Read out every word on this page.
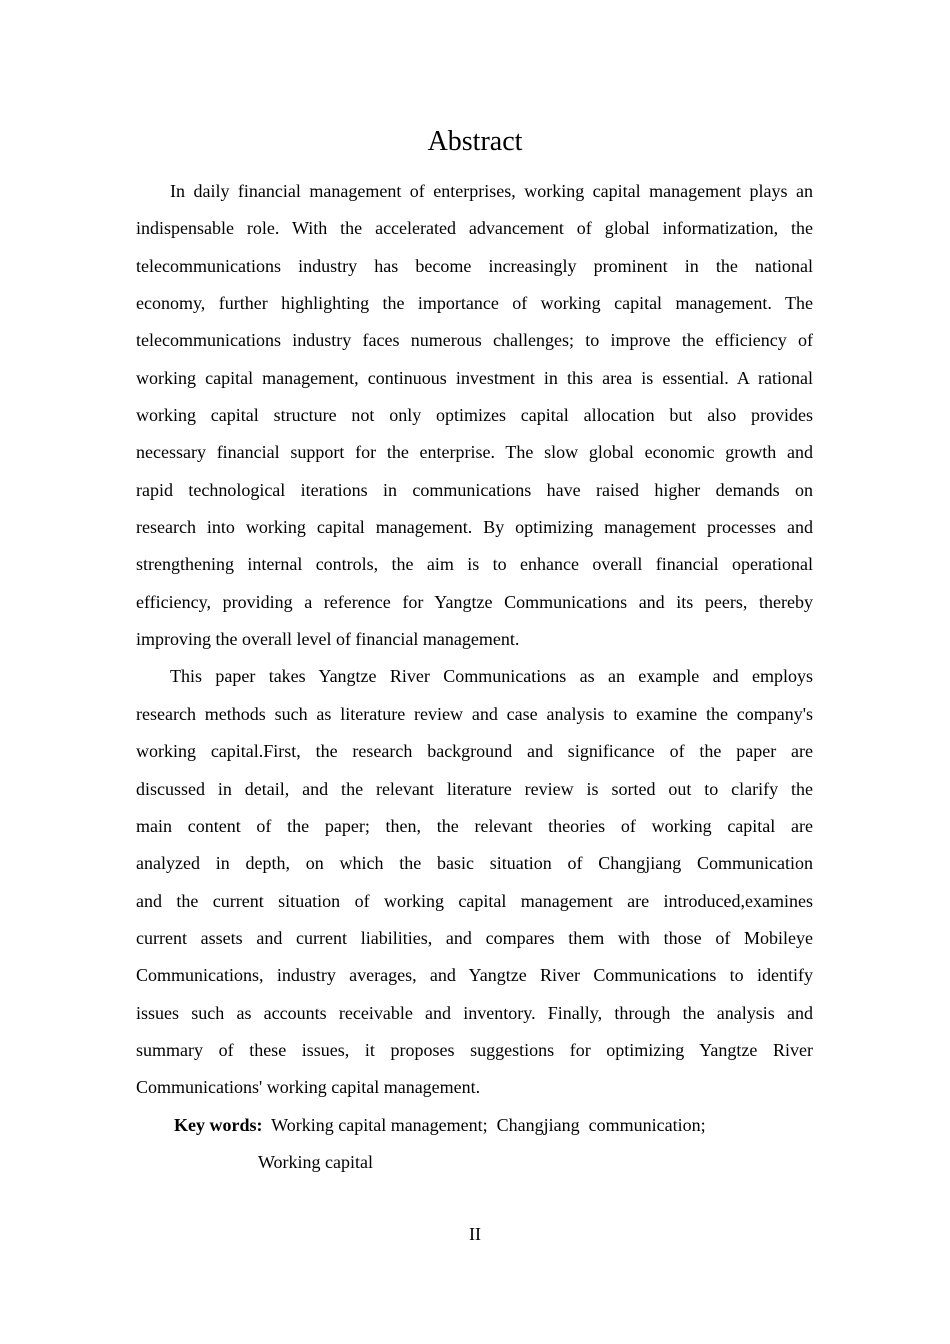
Abstract
In daily financial management of enterprises, working capital management plays an
indispensable role. With the accelerated advancement of global informatization, the
telecommunications industry has become increasingly prominent in the national
economy, further highlighting the importance of working capital management. The
telecommunications industry faces numerous challenges; to improve the efficiency of
working capital management, continuous investment in this area is essential. A rational
working capital structure not only optimizes capital allocation but also provides
necessary financial support for the enterprise. The slow global economic growth and
rapid technological iterations in communications have raised higher demands on
research into working capital management. By optimizing management processes and
strengthening internal controls, the aim is to enhance overall financial operational
efficiency, providing a reference for Yangtze Communications and its peers, thereby
improving the overall level of financial management.
This paper takes Yangtze River Communications as an example and employs
research methods such as literature review and case analysis to examine the company's
working capital.First, the research background and significance of the paper are
discussed in detail, and the relevant literature review is sorted out to clarify the
main content of the paper; then, the relevant theories of working capital are
analyzed in depth, on which the basic situation of Changjiang Communication
and the current situation of working capital management are introduced,examines
current assets and current liabilities, and compares them with those of Mobileye
Communications, industry averages, and Yangtze River Communications to identify
issues such as accounts receivable and inventory. Finally, through the analysis and
summary of these issues, it proposes suggestions for optimizing Yangtze River
Communications' working capital management.
Key words:  Working capital management;  Changjiang  communication;
Working capital
II
